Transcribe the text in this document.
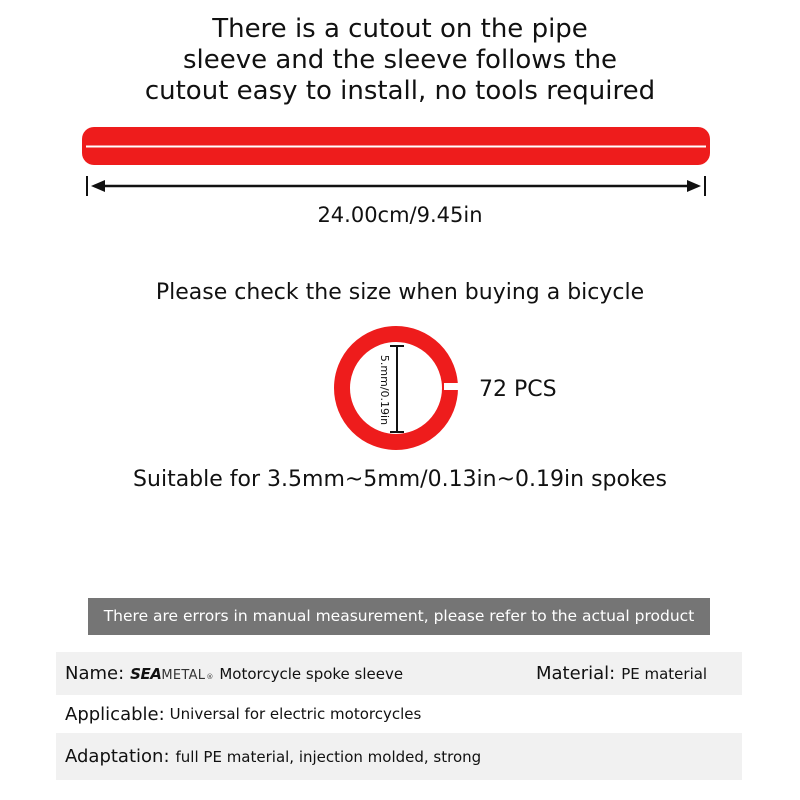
There is a cutout on the pipe
sleeve and the sleeve follows the
cutout easy to install, no tools required
24.00cm/9.45in
Please check the size when buying a bicycle
5.mm/0.19in	72 PCS
Suitable for 3.5mm~5mm/0.13in~0.19in spokes
There are errors in manual measurement, please refer to the actual product
Name: SEA METAL ® Motorcycle spoke sleeve	Material: PE material
Applicable: Universal for electric motorcycles
Adaptation: full PE material, injection molded, strong
